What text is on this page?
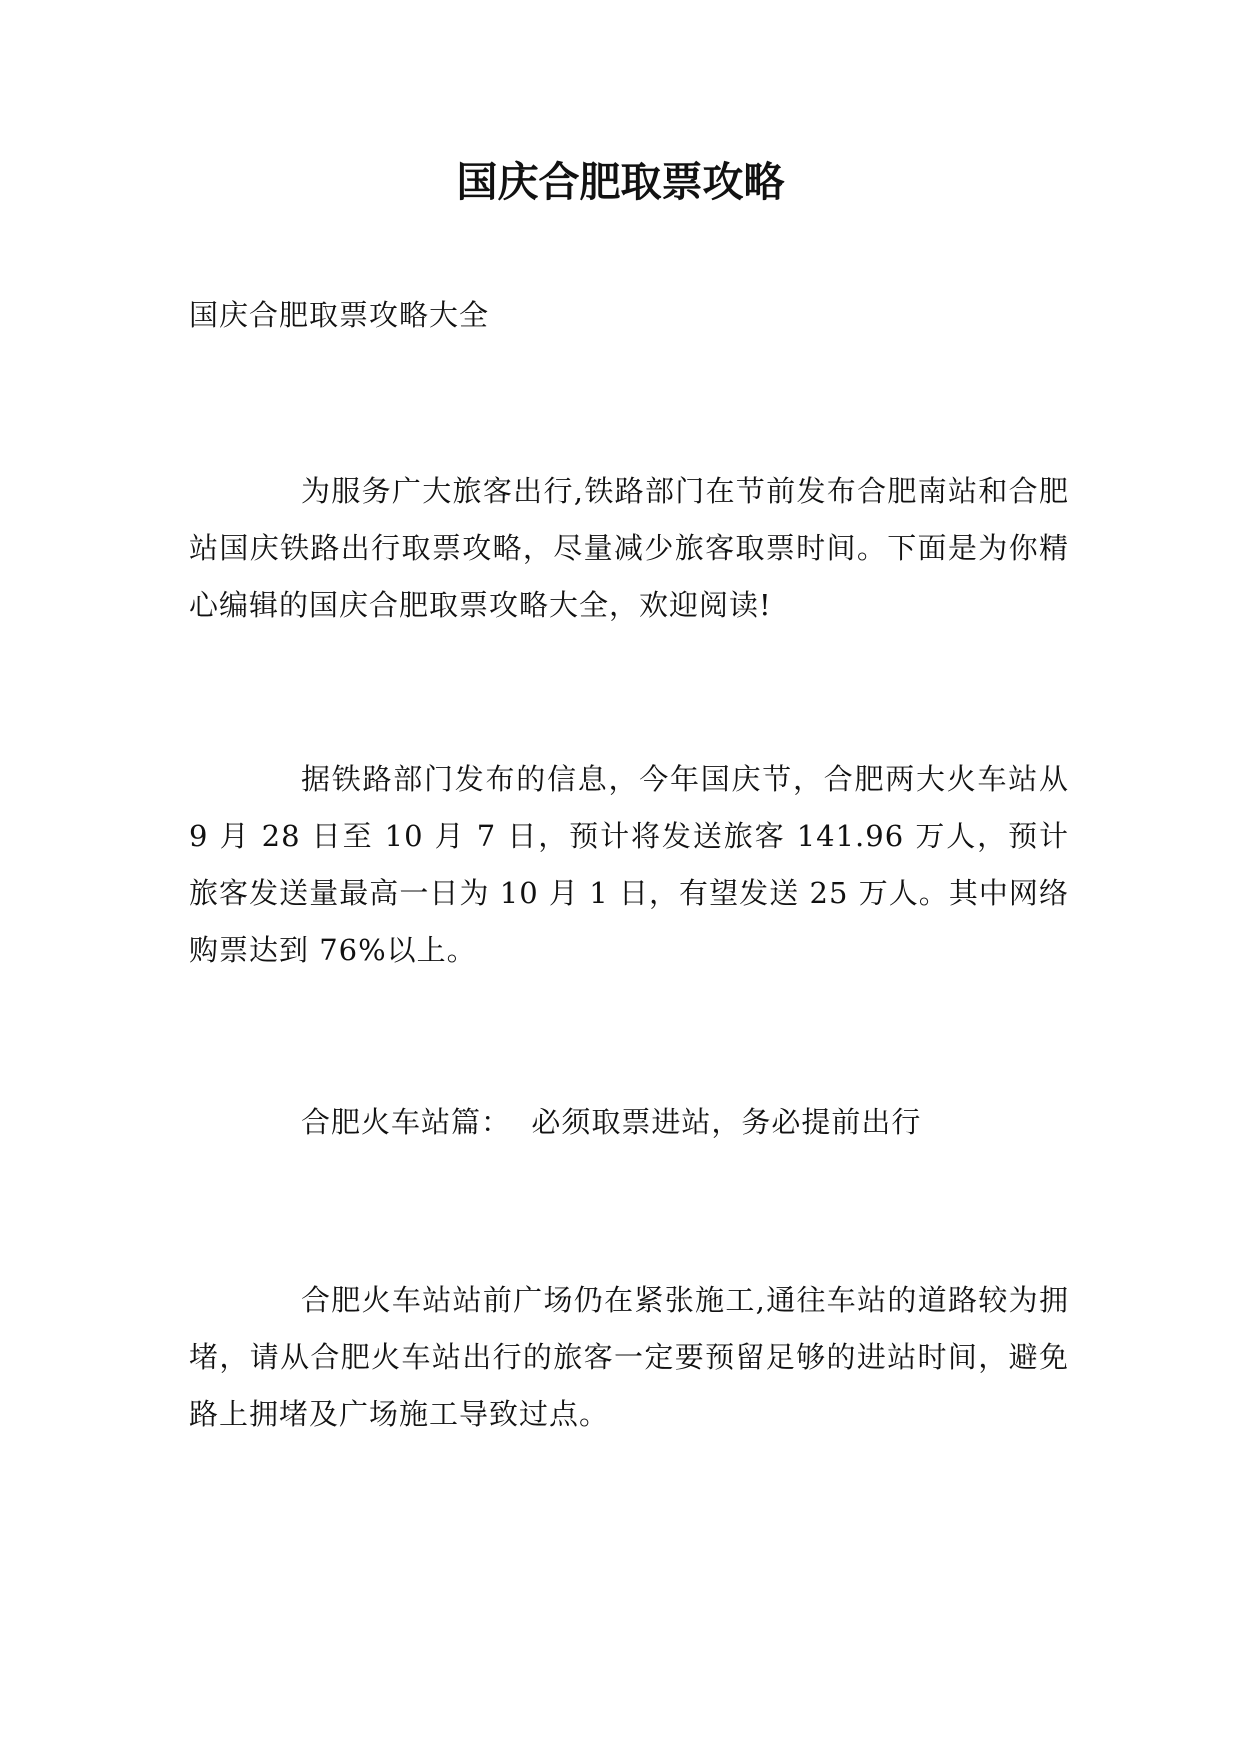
国庆合肥取票攻略

国庆合肥取票攻略大全

为服务广大旅客出行,铁路部门在节前发布合肥南站和合肥站国庆铁路出行取票攻略，尽量减少旅客取票时间。下面是为你精心编辑的国庆合肥取票攻略大全，欢迎阅读!

据铁路部门发布的信息，今年国庆节，合肥两大火车站从 9 月 28 日至 10 月 7 日，预计将发送旅客 141.96 万人，预计旅客发送量最高一日为 10 月 1 日，有望发送 25 万人。其中网络购票达到 76%以上。

合肥火车站篇：  必须取票进站，务必提前出行

合肥火车站站前广场仍在紧张施工,通往车站的道路较为拥堵，请从合肥火车站出行的旅客一定要预留足够的进站时间，避免路上拥堵及广场施工导致过点。
